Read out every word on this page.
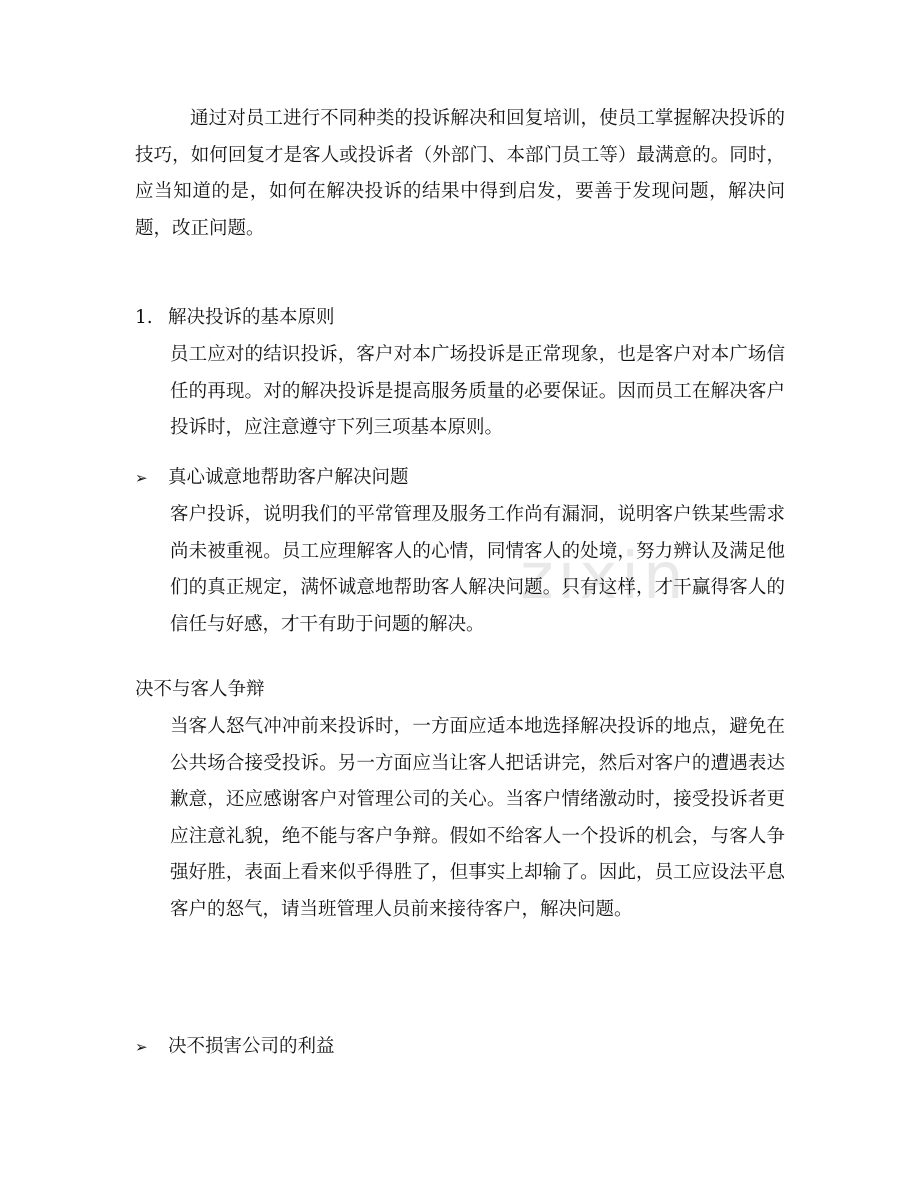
zixin

通过对员工进行不同种类的投诉解决和回复培训，使员工掌握解决投诉的技巧，如何回复才是客人或投诉者（外部门、本部门员工等）最满意的。同时，应当知道的是，如何在解决投诉的结果中得到启发，要善于发现问题，解决问题，改正问题。

1. 解决投诉的基本原则

员工应对的结识投诉，客户对本广场投诉是正常现象，也是客户对本广场信任的再现。对的解决投诉是提高服务质量的必要保证。因而员工在解决客户投诉时，应注意遵守下列三项基本原则。

➢ 真心诚意地帮助客户解决问题

客户投诉，说明我们的平常管理及服务工作尚有漏洞，说明客户铁某些需求尚未被重视。员工应理解客人的心情，同情客人的处境，努力辨认及满足他们的真正规定，满怀诚意地帮助客人解决问题。只有这样，才干赢得客人的信任与好感，才干有助于问题的解决。

决不与客人争辩

当客人怒气冲冲前来投诉时，一方面应适本地选择解决投诉的地点，避免在公共场合接受投诉。另一方面应当让客人把话讲完，然后对客户的遭遇表达歉意，还应感谢客户对管理公司的关心。当客户情绪激动时，接受投诉者更应注意礼貌，绝不能与客户争辩。假如不给客人一个投诉的机会，与客人争强好胜，表面上看来似乎得胜了，但事实上却输了。因此，员工应设法平息客户的怒气，请当班管理人员前来接待客户，解决问题。

➢ 决不损害公司的利益
